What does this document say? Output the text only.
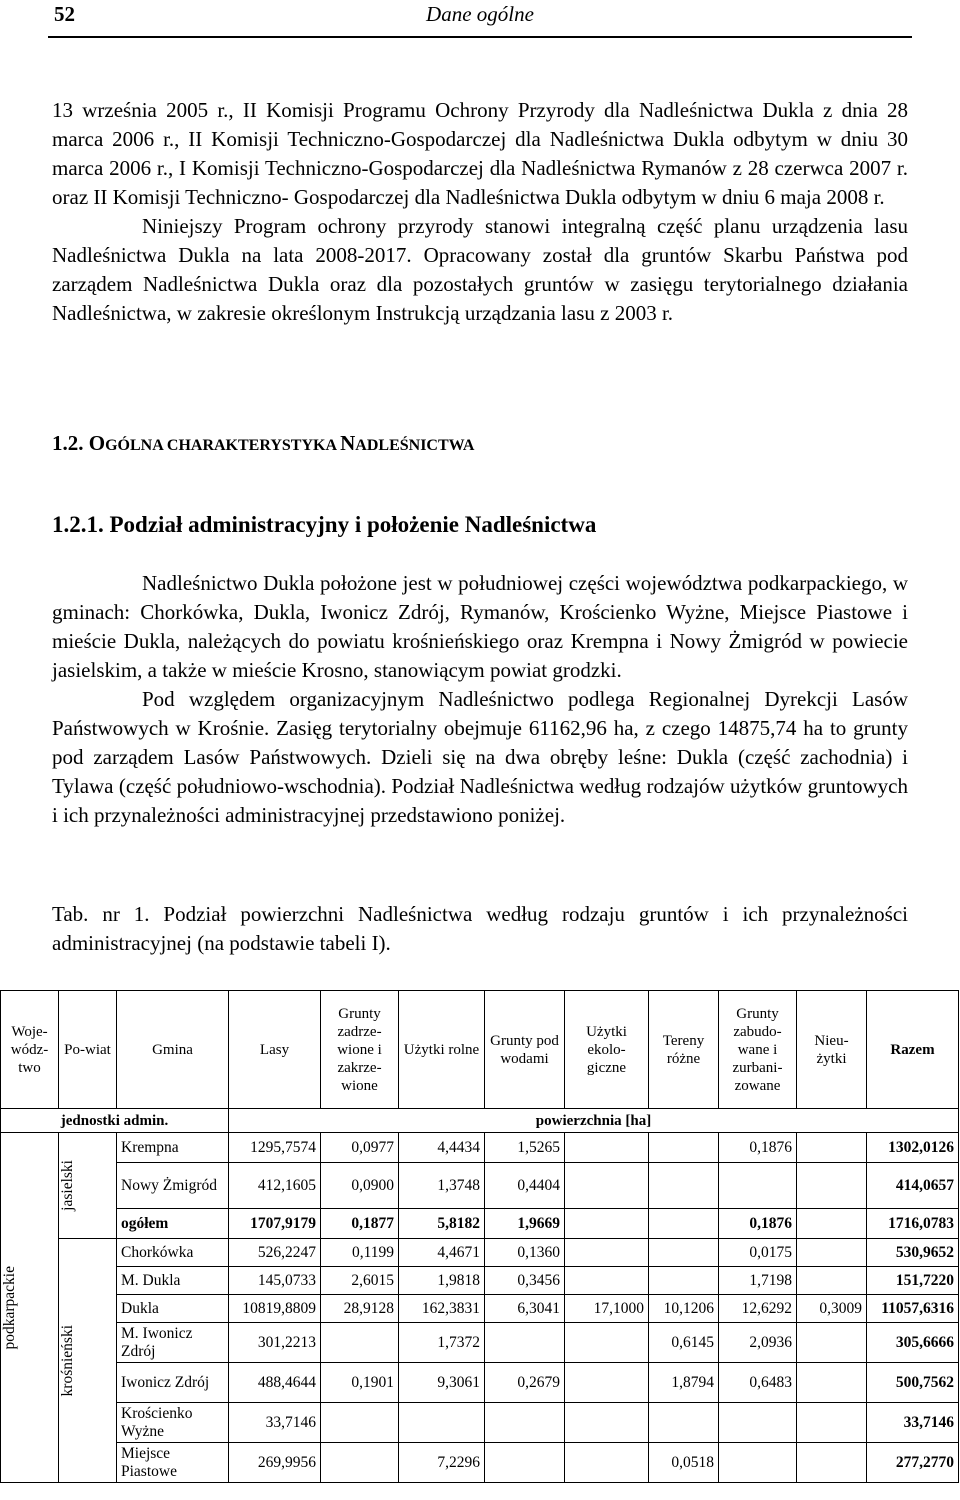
52	Dane ogólne

13 września 2005 r., II Komisji Programu Ochrony Przyrody dla Nadleśnictwa Dukla z dnia 28 marca 2006 r., II Komisji Techniczno-Gospodarczej dla Nadleśnictwa Dukla odbytym w dniu 30 marca 2006 r., I Komisji Techniczno-Gospodarczej dla Nadleśnictwa Rymanów z 28 czerwca 2007 r. oraz II Komisji Techniczno- Gospodarczej dla Nadleśnictwa Dukla odbytym w dniu 6 maja 2008 r.

Niniejszy Program ochrony przyrody stanowi integralną część planu urządzenia lasu Nadleśnictwa Dukla na lata 2008-2017. Opracowany został dla gruntów Skarbu Państwa pod zarządem Nadleśnictwa Dukla oraz dla pozostałych gruntów w zasięgu terytorialnego działania Nadleśnictwa, w zakresie określonym Instrukcją urządzania lasu z 2003 r.

1.2. OGÓLNA CHARAKTERYSTYKA NADLEŚNICTWA
1.2.1. Podział administracyjny i położenie Nadleśnictwa

Nadleśnictwo Dukla położone jest w południowej części województwa podkarpackiego, w gminach: Chorkówka, Dukla, Iwonicz Zdrój, Rymanów, Krościenko Wyżne, Miejsce Piastowe i mieście Dukla, należących do powiatu krośnieńskiego oraz Krempna i Nowy Żmigród w powiecie jasielskim, a także w mieście Krosno, stanowiącym powiat grodzki.

Pod względem organizacyjnym Nadleśnictwo podlega Regionalnej Dyrekcji Lasów Państwowych w Krośnie. Zasięg terytorialny obejmuje 61162,96 ha, z czego 14875,74 ha to grunty pod zarządem Lasów Państwowych. Dzieli się na dwa obręby leśne: Dukla (część zachodnia) i Tylawa (część południowo-wschodnia). Podział Nadleśnictwa według rodzajów użytków gruntowych i ich przynależności administracyjnej przedstawiono poniżej.

Tab. nr 1. Podział powierzchni Nadleśnictwa według rodzaju gruntów i ich przynależności administracyjnej (na podstawie tabeli I).
Woje-wódz-two	Po-wiat	Gmina	Lasy	Grunty zadrze-wione i zakrze-wione	Użytki rolne	Grunty pod wodami	Użytki ekolo-giczne	Tereny różne	Grunty zabudo-wane i zurbani-zowane	Nieu-żytki	Razem
jednostki admin.			powierzchnia [ha]								

podkarpackie	jasielski	Krempna	1295,7574	0,0977	4,4434	1,5265			0,1876		1302,0126
		Nowy Żmigród	412,1605	0,0900	1,3748	0,4404					414,0657
		ogółem	1707,9179	0,1877	5,8182	1,9669			0,1876		1716,0783

	krośnieński	Chorkówka	526,2247	0,1199	4,4671	0,1360			0,0175		530,9652
		M. Dukla	145,0733	2,6015	1,9818	0,3456			1,7198		151,7220
		Dukla	10819,8809	28,9128	162,3831	6,3041	17,1000	10,1206	12,6292	0,3009	11057,6316
		M. Iwonicz Zdrój	301,2213		1,7372			0,6145	2,0936		305,6666
		Iwonicz Zdrój	488,4644	0,1901	9,3061	0,2679		1,8794	0,6483		500,7562
		Krościenko Wyżne	33,7146								33,7146
		Miejsce Piastowe	269,9956		7,2296			0,0518			277,2770
